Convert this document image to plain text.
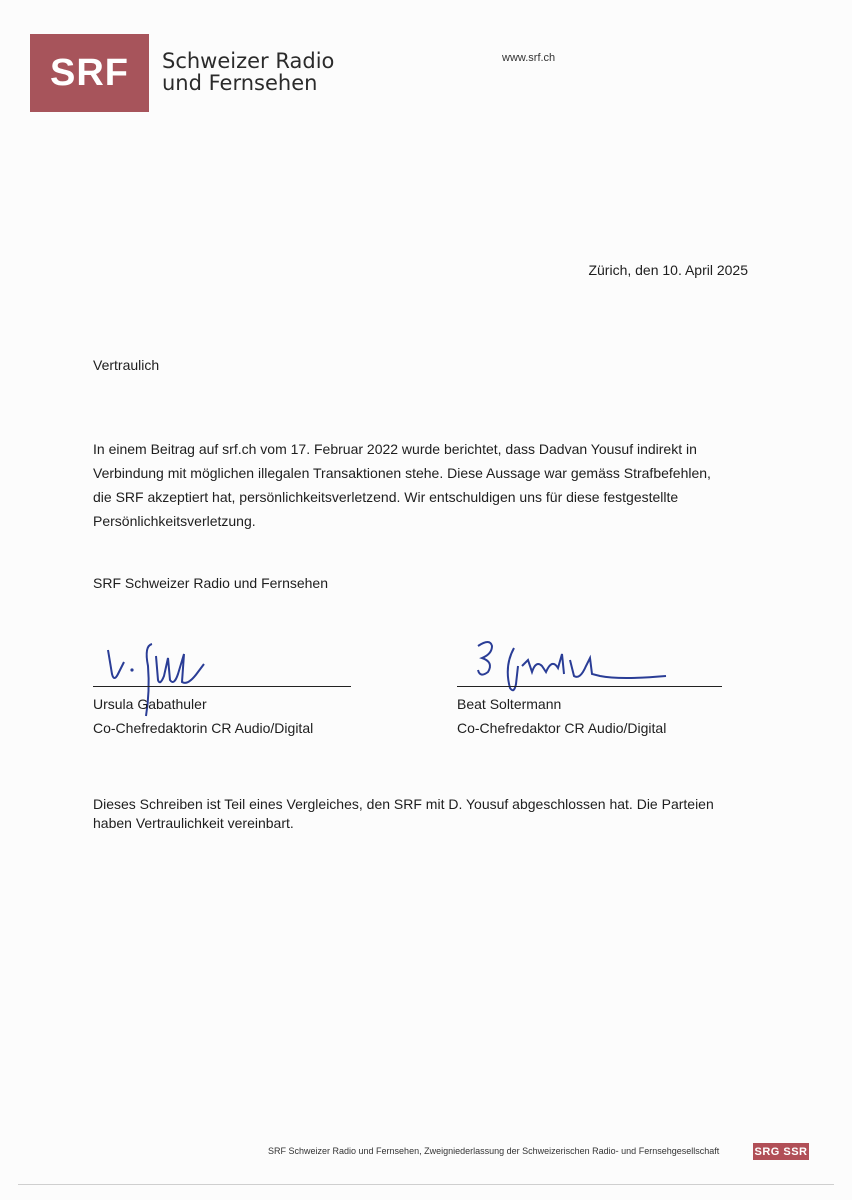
SRF Schweizer Radio
und Fernsehen
www.srf.ch
Zürich, den 10. April 2025
Vertraulich
In einem Beitrag auf srf.ch vom 17. Februar 2022 wurde berichtet, dass Dadvan Yousuf indirekt in
Verbindung mit möglichen illegalen Transaktionen stehe. Diese Aussage war gemäss Strafbefehlen,
die SRF akzeptiert hat, persönlichkeitsverletzend. Wir entschuldigen uns für diese festgestellte
Persönlichkeitsverletzung.
SRF Schweizer Radio und Fernsehen
Ursula Gabathuler
Co-Chefredaktorin CR Audio/Digital
Beat Soltermann
Co-Chefredaktor CR Audio/Digital
Dieses Schreiben ist Teil eines Vergleiches, den SRF mit D. Yousuf abgeschlossen hat. Die Parteien
haben Vertraulichkeit vereinbart.
SRF Schweizer Radio und Fernsehen, Zweigniederlassung der Schweizerischen Radio- und Fernsehgesellschaft	SRG SSR
